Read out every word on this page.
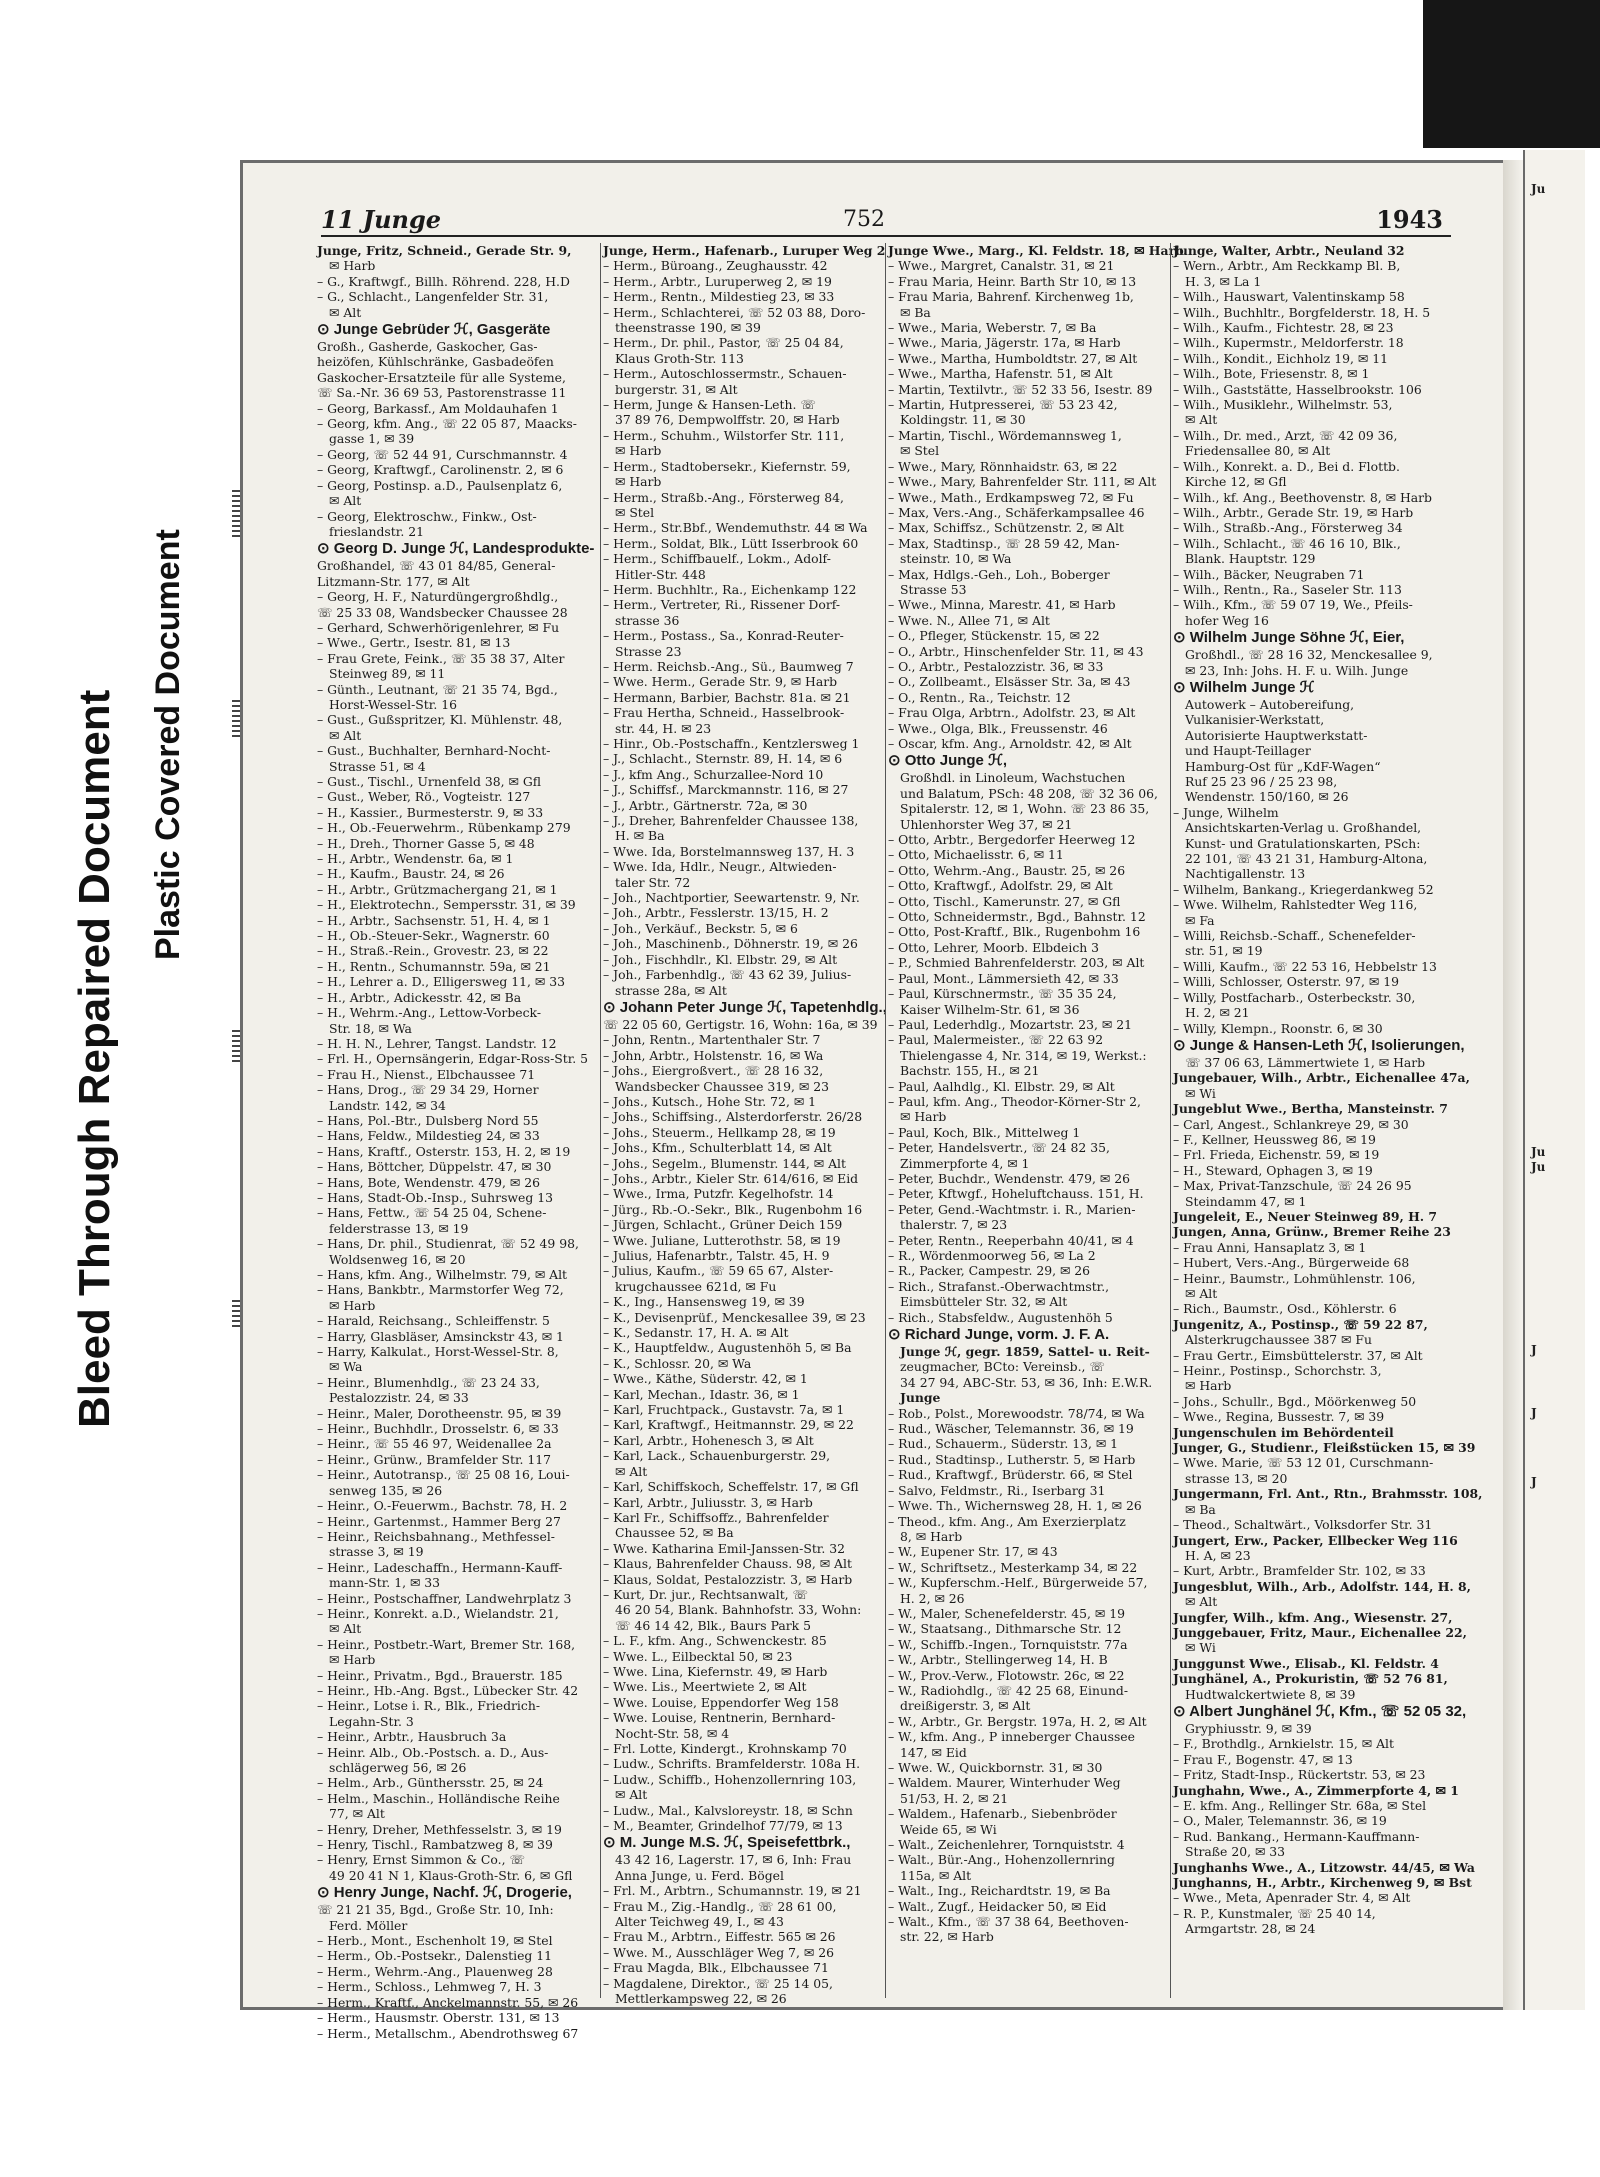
Bleed Through Repaired Document Plastic Covered Document
11 Junge	752	1943

Junge, Fritz, Schneid., Gerade Str. 9,

✉ Harb

– G., Kraftwgf., Billh. Röhrend. 228, H.D

– G., Schlacht., Langenfelder Str. 31,

✉ Alt

⊙ Junge Gebrüder ℋ, Gasgeräte

Großh., Gasherde, Gaskocher, Gas-

heizöfen, Kühlschränke, Gasbadeöfen

Gaskocher-Ersatzteile für alle Systeme,

☏ Sa.-Nr. 36 69 53, Pastorenstrasse 11

– Georg, Barkassf., Am Moldauhafen 1

– Georg, kfm. Ang., ☏ 22 05 87, Maacks-

gasse 1, ✉ 39

– Georg, ☏ 52 44 91, Curschmannstr. 4

– Georg, Kraftwgf., Carolinenstr. 2, ✉ 6

– Georg, Postinsp. a.D., Paulsenplatz 6,

✉ Alt

– Georg, Elektroschw., Finkw., Ost-

frieslandstr. 21

⊙ Georg D. Junge ℋ, Landesprodukte-

Großhandel, ☏ 43 01 84/85, General-

Litzmann-Str. 177, ✉ Alt

– Georg, H. F., Naturdüngergroßhdlg.,

☏ 25 33 08, Wandsbecker Chaussee 28

– Gerhard, Schwerhörigenlehrer, ✉ Fu

– Wwe., Gertr., Isestr. 81, ✉ 13

– Frau Grete, Feink., ☏ 35 38 37, Alter

Steinweg 89, ✉ 11

– Günth., Leutnant, ☏ 21 35 74, Bgd.,

Horst-Wessel-Str. 16

– Gust., Gußspritzer, Kl. Mühlenstr. 48,

✉ Alt

– Gust., Buchhalter, Bernhard-Nocht-

Strasse 51, ✉ 4

– Gust., Tischl., Urnenfeld 38, ✉ Gfl

– Gust., Weber, Rö., Vogteistr. 127

– H., Kassier., Burmesterstr. 9, ✉ 33

– H., Ob.-Feuerwehrm., Rübenkamp 279

– H., Dreh., Thorner Gasse 5, ✉ 48

– H., Arbtr., Wendenstr. 6a, ✉ 1

– H., Kaufm., Baustr. 24, ✉ 26

– H., Arbtr., Grützmachergang 21, ✉ 1

– H., Elektrotechn., Sempersstr. 31, ✉ 39

– H., Arbtr., Sachsenstr. 51, H. 4, ✉ 1

– H., Ob.-Steuer-Sekr., Wagnerstr. 60

– H., Straß.-Rein., Grovestr. 23, ✉ 22

– H., Rentn., Schumannstr. 59a, ✉ 21

– H., Lehrer a. D., Elligersweg 11, ✉ 33

– H., Arbtr., Adickesstr. 42, ✉ Ba

– H., Wehrm.-Ang., Lettow-Vorbeck-

Str. 18, ✉ Wa

– H. H. N., Lehrer, Tangst. Landstr. 12

– Frl. H., Opernsängerin, Edgar-Ross-Str. 5

– Frau H., Nienst., Elbchaussee 71

– Hans, Drog., ☏ 29 34 29, Horner

Landstr. 142, ✉ 34

– Hans, Pol.-Btr., Dulsberg Nord 55

– Hans, Feldw., Mildestieg 24, ✉ 33

– Hans, Kraftf., Osterstr. 153, H. 2, ✉ 19

– Hans, Böttcher, Düppelstr. 47, ✉ 30

– Hans, Bote, Wendenstr. 479, ✉ 26

– Hans, Stadt-Ob.-Insp., Suhrsweg 13

– Hans, Fettw., ☏ 54 25 04, Schene-

felderstrasse 13, ✉ 19

– Hans, Dr. phil., Studienrat, ☏ 52 49 98,

Woldsenweg 16, ✉ 20

– Hans, kfm. Ang., Wilhelmstr. 79, ✉ Alt

– Hans, Bankbtr., Marmstorfer Weg 72,

✉ Harb

– Harald, Reichsang., Schleiffenstr. 5

– Harry, Glasbläser, Amsinckstr 43, ✉ 1

– Harry, Kalkulat., Horst-Wessel-Str. 8,

✉ Wa

– Heinr., Blumenhdlg., ☏ 23 24 33,

Pestalozzistr. 24, ✉ 33

– Heinr., Maler, Dorotheenstr. 95, ✉ 39

– Heinr., Buchhdlr., Drosselstr. 6, ✉ 33

– Heinr., ☏ 55 46 97, Weidenallee 2a

– Heinr., Grünw., Bramfelder Str. 117

– Heinr., Autotransp., ☏ 25 08 16, Loui-

senweg 135, ✉ 26

– Heinr., O.-Feuerwm., Bachstr. 78, H. 2

– Heinr., Gartenmst., Hammer Berg 27

– Heinr., Reichsbahnang., Methfessel-

strasse 3, ✉ 19

– Heinr., Ladeschaffn., Hermann-Kauff-

mann-Str. 1, ✉ 33

– Heinr., Postschaffner, Landwehrplatz 3

– Heinr., Konrekt. a.D., Wielandstr. 21,

✉ Alt

– Heinr., Postbetr.-Wart, Bremer Str. 168,

✉ Harb

– Heinr., Privatm., Bgd., Brauerstr. 185

– Heinr., Hb.-Ang. Bgst., Lübecker Str. 42

– Heinr., Lotse i. R., Blk., Friedrich-

Legahn-Str. 3

– Heinr., Arbtr., Hausbruch 3a

– Heinr. Alb., Ob.-Postsch. a. D., Aus-

schlägerweg 56, ✉ 26

– Helm., Arb., Günthersstr. 25, ✉ 24

– Helm., Maschin., Holländische Reihe

77, ✉ Alt

– Henry, Dreher, Methfesselstr. 3, ✉ 19

– Henry, Tischl., Rambatzweg 8, ✉ 39

– Henry, Ernst Simmon & Co., ☏

49 20 41 N 1, Klaus-Groth-Str. 6, ✉ Gfl

⊙ Henry Junge, Nachf. ℋ, Drogerie,

☏ 21 21 35, Bgd., Große Str. 10, Inh:

Ferd. Möller

– Herb., Mont., Eschenholt 19, ✉ Stel

– Herm., Ob.-Postsekr., Dalenstieg 11

– Herm., Wehrm.-Ang., Plauenweg 28

– Herm., Schloss., Lehmweg 7, H. 3

– Herm., Kraftf., Anckelmannstr. 55, ✉ 26

– Herm., Hausmstr. Oberstr. 131, ✉ 13

– Herm., Metallschm., Abendrothsweg 67

Junge, Herm., Hafenarb., Luruper Weg 2

– Herm., Büroang., Zeughausstr. 42

– Herm., Arbtr., Luruperweg 2, ✉ 19

– Herm., Rentn., Mildestieg 23, ✉ 33

– Herm., Schlachterei, ☏ 52 03 88, Doro-

theenstrasse 190, ✉ 39

– Herm., Dr. phil., Pastor, ☏ 25 04 84,

Klaus Groth-Str. 113

– Herm., Autoschlossermstr., Schauen-

burgerstr. 31, ✉ Alt

– Herm, Junge & Hansen-Leth. ☏

37 89 76, Dempwolffstr. 20, ✉ Harb

– Herm., Schuhm., Wilstorfer Str. 111,

✉ Harb

– Herm., Stadtobersekr., Kiefernstr. 59,

✉ Harb

– Herm., Straßb.-Ang., Försterweg 84,

✉ Stel

– Herm., Str.Bbf., Wendemuthstr. 44 ✉ Wa

– Herm., Soldat, Blk., Lütt Isserbrook 60

– Herm., Schiffbauelf., Lokm., Adolf-

Hitler-Str. 448

– Herm. Buchhltr., Ra., Eichenkamp 122

– Herm., Vertreter, Ri., Rissener Dorf-

strasse 36

– Herm., Postass., Sa., Konrad-Reuter-

Strasse 23

– Herm. Reichsb.-Ang., Sü., Baumweg 7

– Wwe. Herm., Gerade Str. 9, ✉ Harb

– Hermann, Barbier, Bachstr. 81a. ✉ 21

– Frau Hertha, Schneid., Hasselbrook-

str. 44, H. ✉ 23

– Hinr., Ob.-Postschaffn., Kentzlersweg 1

– J., Schlacht., Sternstr. 89, H. 14, ✉ 6

– J., kfm Ang., Schurzallee-Nord 10

– J., Schiffsf., Marckmannstr. 116, ✉ 27

– J., Arbtr., Gärtnerstr. 72a, ✉ 30

– J., Dreher, Bahrenfelder Chaussee 138,

H. ✉ Ba

– Wwe. Ida, Borstelmannsweg 137, H. 3

– Wwe. Ida, Hdlr., Neugr., Altwieden-

taler Str. 72

– Joh., Nachtportier, Seewartenstr. 9, Nr.

– Joh., Arbtr., Fesslerstr. 13/15, H. 2

– Joh., Verkäuf., Beckstr. 5, ✉ 6

– Joh., Maschinenb., Döhnerstr. 19, ✉ 26

– Joh., Fischhdlr., Kl. Elbstr. 29, ✉ Alt

– Joh., Farbenhdlg., ☏ 43 62 39, Julius-

strasse 28a, ✉ Alt

⊙ Johann Peter Junge ℋ, Tapetenhdlg.,

☏ 22 05 60, Gertigstr. 16, Wohn: 16a, ✉ 39

– John, Rentn., Martenthaler Str. 7

– John, Arbtr., Holstenstr. 16, ✉ Wa

– Johs., Eiergroßvert., ☏ 28 16 32,

Wandsbecker Chaussee 319, ✉ 23

– Johs., Kutsch., Hohe Str. 72, ✉ 1

– Johs., Schiffsing., Alsterdorferstr. 26/28

– Johs., Steuerm., Hellkamp 28, ✉ 19

– Johs., Kfm., Schulterblatt 14, ✉ Alt

– Johs., Segelm., Blumenstr. 144, ✉ Alt

– Johs., Arbtr., Kieler Str. 614/616, ✉ Eid

– Wwe., Irma, Putzfr. Kegelhofstr. 14

– Jürg., Rb.-O.-Sekr., Blk., Rugenbohm 16

– Jürgen, Schlacht., Grüner Deich 159

– Wwe. Juliane, Lutterothstr. 58, ✉ 19

– Julius, Hafenarbtr., Talstr. 45, H. 9

– Julius, Kaufm., ☏ 59 65 67, Alster-

krugchaussee 621d, ✉ Fu

– K., Ing., Hansensweg 19, ✉ 39

– K., Devisenprüf., Menckesallee 39, ✉ 23

– K., Sedanstr. 17, H. A. ✉ Alt

– K., Hauptfeldw., Augustenhöh 5, ✉ Ba

– K., Schlossr. 20, ✉ Wa

– Wwe., Käthe, Süderstr. 42, ✉ 1

– Karl, Mechan., Idastr. 36, ✉ 1

– Karl, Fruchtpack., Gustavstr. 7a, ✉ 1

– Karl, Kraftwgf., Heitmannstr. 29, ✉ 22

– Karl, Arbtr., Hohenesch 3, ✉ Alt

– Karl, Lack., Schauenburgerstr. 29,

✉ Alt

– Karl, Schiffskoch, Scheffelstr. 17, ✉ Gfl

– Karl, Arbtr., Juliusstr. 3, ✉ Harb

– Karl Fr., Schiffsoffz., Bahrenfelder

Chaussee 52, ✉ Ba

– Wwe. Katharina Emil-Janssen-Str. 32

– Klaus, Bahrenfelder Chauss. 98, ✉ Alt

– Klaus, Soldat, Pestalozzistr. 3, ✉ Harb

– Kurt, Dr. jur., Rechtsanwalt, ☏

46 20 54, Blank. Bahnhofstr. 33, Wohn:

☏ 46 14 42, Blk., Baurs Park 5

– L. F., kfm. Ang., Schwenckestr. 85

– Wwe. L., Eilbecktal 50, ✉ 23

– Wwe. Lina, Kiefernstr. 49, ✉ Harb

– Wwe. Lis., Meertwiete 2, ✉ Alt

– Wwe. Louise, Eppendorfer Weg 158

– Wwe. Louise, Rentnerin, Bernhard-

Nocht-Str. 58, ✉ 4

– Frl. Lotte, Kindergt., Krohnskamp 70

– Ludw., Schrifts. Bramfelderstr. 108a H.

– Ludw., Schiffb., Hohenzollernring 103,

✉ Alt

– Ludw., Mal., Kalvsloreystr. 18, ✉ Schn

– M., Beamter, Grindelhof 77/79, ✉ 13

⊙ M. Junge M.S. ℋ, Speisefettbrk.,

43 42 16, Lagerstr. 17, ✉ 6, Inh: Frau

Anna Junge, u. Ferd. Bögel

– Frl. M., Arbtrn., Schumannstr. 19, ✉ 21

– Frau M., Zig.-Handlg., ☏ 28 61 00,

Alter Teichweg 49, I., ✉ 43

– Frau M., Arbtrn., Eiffestr. 565 ✉ 26

– Wwe. M., Ausschläger Weg 7, ✉ 26

– Frau Magda, Blk., Elbchaussee 71

– Magdalene, Direktor., ☏ 25 14 05,

Mettlerkampsweg 22, ✉ 26

Junge Wwe., Marg., Kl. Feldstr. 18, ✉ Harb

– Wwe., Margret, Canalstr. 31, ✉ 21

– Frau Maria, Heinr. Barth Str 10, ✉ 13

– Frau Maria, Bahrenf. Kirchenweg 1b,

✉ Ba

– Wwe., Maria, Weberstr. 7, ✉ Ba

– Wwe., Maria, Jägerstr. 17a, ✉ Harb

– Wwe., Martha, Humboldtstr. 27, ✉ Alt

– Wwe., Martha, Hafenstr. 51, ✉ Alt

– Martin, Textilvtr., ☏ 52 33 56, Isestr. 89

– Martin, Hutpresserei, ☏ 53 23 42,

Koldingstr. 11, ✉ 30

– Martin, Tischl., Wördemannsweg 1,

✉ Stel

– Wwe., Mary, Rönnhaidstr. 63, ✉ 22

– Wwe., Mary, Bahrenfelder Str. 111, ✉ Alt

– Wwe., Math., Erdkampsweg 72, ✉ Fu

– Max, Vers.-Ang., Schäferkampsallee 46

– Max, Schiffsz., Schützenstr. 2, ✉ Alt

– Max, Stadtinsp., ☏ 28 59 42, Man-

steinstr. 10, ✉ Wa

– Max, Hdlgs.-Geh., Loh., Boberger

Strasse 53

– Wwe., Minna, Marestr. 41, ✉ Harb

– Wwe. N., Allee 71, ✉ Alt

– O., Pfleger, Stückenstr. 15, ✉ 22

– O., Arbtr., Hinschenfelder Str. 11, ✉ 43

– O., Arbtr., Pestalozzistr. 36, ✉ 33

– O., Zollbeamt., Elsässer Str. 3a, ✉ 43

– O., Rentn., Ra., Teichstr. 12

– Frau Olga, Arbtrn., Adolfstr. 23, ✉ Alt

– Wwe., Olga, Blk., Freussenstr. 46

– Oscar, kfm. Ang., Arnoldstr. 42, ✉ Alt

⊙ Otto Junge ℋ,

Großhdl. in Linoleum, Wachstuchen

und Balatum, PSch: 48 208, ☏ 32 36 06,

Spitalerstr. 12, ✉ 1, Wohn. ☏ 23 86 35,

Uhlenhorster Weg 37, ✉ 21

– Otto, Arbtr., Bergedorfer Heerweg 12

– Otto, Michaelisstr. 6, ✉ 11

– Otto, Wehrm.-Ang., Baustr. 25, ✉ 26

– Otto, Kraftwgf., Adolfstr. 29, ✉ Alt

– Otto, Tischl., Kamerunstr. 27, ✉ Gfl

– Otto, Schneidermstr., Bgd., Bahnstr. 12

– Otto, Post-Kraftf., Blk., Rugenbohm 16

– Otto, Lehrer, Moorb. Elbdeich 3

– P., Schmied Bahrenfelderstr. 203, ✉ Alt

– Paul, Mont., Lämmersieth 42, ✉ 33

– Paul, Kürschnermstr., ☏ 35 35 24,

Kaiser Wilhelm-Str. 61, ✉ 36

– Paul, Lederhdlg., Mozartstr. 23, ✉ 21

– Paul, Malermeister., ☏ 22 63 92

Thielengasse 4, Nr. 314, ✉ 19, Werkst.:

Bachstr. 155, H., ✉ 21

– Paul, Aalhdlg., Kl. Elbstr. 29, ✉ Alt

– Paul, kfm. Ang., Theodor-Körner-Str 2,

✉ Harb

– Paul, Koch, Blk., Mittelweg 1

– Peter, Handelsvertr., ☏ 24 82 35,

Zimmerpforte 4, ✉ 1

– Peter, Buchdr., Wendenstr. 479, ✉ 26

– Peter, Kftwgf., Hoheluftchauss. 151, H.

– Peter, Gend.-Wachtmstr. i. R., Marien-

thalerstr. 7, ✉ 23

– Peter, Rentn., Reeperbahn 40/41, ✉ 4

– R., Wördenmoorweg 56, ✉ La 2

– R., Packer, Campestr. 29, ✉ 26

– Rich., Strafanst.-Oberwachtmstr.,

Eimsbütteler Str. 32, ✉ Alt

– Rich., Stabsfeldw., Augustenhöh 5

⊙ Richard Junge, vorm. J. F. A.

Junge ℋ, gegr. 1859, Sattel- u. Reit-

zeugmacher, BCto: Vereinsb., ☏

34 27 94, ABC-Str. 53, ✉ 36, Inh: E.W.R.

Junge

– Rob., Polst., Morewoodstr. 78/74, ✉ Wa

– Rud., Wäscher, Telemannstr. 36, ✉ 19

– Rud., Schauerm., Süderstr. 13, ✉ 1

– Rud., Stadtinsp., Lutherstr. 5, ✉ Harb

– Rud., Kraftwgf., Brüderstr. 66, ✉ Stel

– Salvo, Feldmstr., Ri., Iserbarg 31

– Wwe. Th., Wichernsweg 28, H. 1, ✉ 26

– Theod., kfm. Ang., Am Exerzierplatz

8, ✉ Harb

– W., Eupener Str. 17, ✉ 43

– W., Schriftsetz., Mesterkamp 34, ✉ 22

– W., Kupferschm.-Helf., Bürgerweide 57,

H. 2, ✉ 26

– W., Maler, Schenefelderstr. 45, ✉ 19

– W., Staatsang., Dithmarsche Str. 12

– W., Schiffb.-Ingen., Tornquiststr. 77a

– W., Arbtr., Stellingerweg 14, H. B

– W., Prov.-Verw., Flotowstr. 26c, ✉ 22

– W., Radiohdlg., ☏ 42 25 68, Einund-

dreißigerstr. 3, ✉ Alt

– W., Arbtr., Gr. Bergstr. 197a, H. 2, ✉ Alt

– W., kfm. Ang., P inneberger Chaussee

147, ✉ Eid

– Wwe. W., Quickbornstr. 31, ✉ 30

– Waldem. Maurer, Winterhuder Weg

51/53, H. 2, ✉ 21

– Waldem., Hafenarb., Siebenbröder

Weide 65, ✉ Wi

– Walt., Zeichenlehrer, Tornquiststr. 4

– Walt., Bür.-Ang., Hohenzollernring

115a, ✉ Alt

– Walt., Ing., Reichardtstr. 19, ✉ Ba

– Walt., Zugf., Heidacker 50, ✉ Eid

– Walt., Kfm., ☏ 37 38 64, Beethoven-

str. 22, ✉ Harb

Junge, Walter, Arbtr., Neuland 32

– Wern., Arbtr., Am Reckkamp Bl. B,

H. 3, ✉ La 1

– Wilh., Hauswart, Valentinskamp 58

– Wilh., Buchhltr., Borgfelderstr. 18, H. 5

– Wilh., Kaufm., Fichtestr. 28, ✉ 23

– Wilh., Kupermstr., Meldorferstr. 18

– Wilh., Kondit., Eichholz 19, ✉ 11

– Wilh., Bote, Friesenstr. 8, ✉ 1

– Wilh., Gaststätte, Hasselbrookstr. 106

– Wilh., Musiklehr., Wilhelmstr. 53,

✉ Alt

– Wilh., Dr. med., Arzt, ☏ 42 09 36,

Friedensallee 80, ✉ Alt

– Wilh., Konrekt. a. D., Bei d. Flottb.

Kirche 12, ✉ Gfl

– Wilh., kf. Ang., Beethovenstr. 8, ✉ Harb

– Wilh., Arbtr., Gerade Str. 19, ✉ Harb

– Wilh., Straßb.-Ang., Försterweg 34

– Wilh., Schlacht., ☏ 46 16 10, Blk.,

Blank. Hauptstr. 129

– Wilh., Bäcker, Neugraben 71

– Wilh., Rentn., Ra., Saseler Str. 113

– Wilh., Kfm., ☏ 59 07 19, We., Pfeils-

hofer Weg 16

⊙ Wilhelm Junge Söhne ℋ, Eier,

Großhdl., ☏ 28 16 32, Menckesallee 9,

✉ 23, Inh: Johs. H. F. u. Wilh. Junge

⊙ Wilhelm Junge ℋ

Autowerk – Autobereifung,

Vulkanisier-Werkstatt,

Autorisierte Hauptwerkstatt-

und Haupt-Teillager

Hamburg-Ost für „KdF-Wagen“

Ruf 25 23 96 / 25 23 98,

Wendenstr. 150/160, ✉ 26

– Junge, Wilhelm

Ansichtskarten-Verlag u. Großhandel,

Kunst- und Gratulationskarten, PSch:

22 101, ☏ 43 21 31, Hamburg-Altona,

Nachtigallenstr. 13

– Wilhelm, Bankang., Kriegerdankweg 52

– Wwe. Wilhelm, Rahlstedter Weg 116,

✉ Fa

– Willi, Reichsb.-Schaff., Schenefelder-

str. 51, ✉ 19

– Willi, Kaufm., ☏ 22 53 16, Hebbelstr 13

– Willi, Schlosser, Osterstr. 97, ✉ 19

– Willy, Postfacharb., Osterbeckstr. 30,

H. 2, ✉ 21

– Willy, Klempn., Roonstr. 6, ✉ 30

⊙ Junge & Hansen-Leth ℋ, Isolierungen,

☏ 37 06 63, Lämmertwiete 1, ✉ Harb

Jungebauer, Wilh., Arbtr., Eichenallee 47a,

✉ Wi

Jungeblut Wwe., Bertha, Mansteinstr. 7

– Carl, Angest., Schlankreye 29, ✉ 30

– F., Kellner, Heussweg 86, ✉ 19

– Frl. Frieda, Eichenstr. 59, ✉ 19

– H., Steward, Ophagen 3, ✉ 19

– Max, Privat-Tanzschule, ☏ 24 26 95

Steindamm 47, ✉ 1

Jungeleit, E., Neuer Steinweg 89, H. 7

Jungen, Anna, Grünw., Bremer Reihe 23

– Frau Anni, Hansaplatz 3, ✉ 1

– Hubert, Vers.-Ang., Bürgerweide 68

– Heinr., Baumstr., Lohmühlenstr. 106,

✉ Alt

– Rich., Baumstr., Osd., Köhlerstr. 6

Jungenitz, A., Postinsp., ☏ 59 22 87,

Alsterkrugchaussee 387 ✉ Fu

– Frau Gertr., Eimsbüttelerstr. 37, ✉ Alt

– Heinr., Postinsp., Schorchstr. 3,

✉ Harb

– Johs., Schullr., Bgd., Möörkenweg 50

– Wwe., Regina, Bussestr. 7, ✉ 39

Jungenschulen im Behördenteil

Junger, G., Studienr., Fleißstücken 15, ✉ 39

– Wwe. Marie, ☏ 53 12 01, Curschmann-

strasse 13, ✉ 20

Jungermann, Frl. Ant., Rtn., Brahmsstr. 108,

✉ Ba

– Theod., Schaltwärt., Volksdorfer Str. 31

Jungert, Erw., Packer, Ellbecker Weg 116

H. A, ✉ 23

– Kurt, Arbtr., Bramfelder Str. 102, ✉ 33

Jungesblut, Wilh., Arb., Adolfstr. 144, H. 8,

✉ Alt

Jungfer, Wilh., kfm. Ang., Wiesenstr. 27,

Junggebauer, Fritz, Maur., Eichenallee 22,

✉ Wi

Junggunst Wwe., Elisab., Kl. Feldstr. 4

Junghänel, A., Prokuristin, ☏ 52 76 81,

Hudtwalckertwiete 8, ✉ 39

⊙ Albert Junghänel ℋ, Kfm., ☏ 52 05 32,

Gryphiusstr. 9, ✉ 39

– F., Brothdlg., Arnkielstr. 15, ✉ Alt

– Frau F., Bogenstr. 47, ✉ 13

– Fritz, Stadt-Insp., Rückertstr. 53, ✉ 23

Junghahn, Wwe., A., Zimmerpforte 4, ✉ 1

– E. kfm. Ang., Rellinger Str. 68a, ✉ Stel

– O., Maler, Telemannstr. 36, ✉ 19

– Rud. Bankang., Hermann-Kauffmann-

Straße 20, ✉ 33

Junghanhs Wwe., A., Litzowstr. 44/45, ✉ Wa

Junghanns, H., Arbtr., Kirchenweg 9, ✉ Bst

– Wwe., Meta, Apenrader Str. 4, ✉ Alt

– R. P., Kunstmaler, ☏ 25 40 14,

Armgartstr. 28, ✉ 24

Ju
Ju
Ju
J
J
J
